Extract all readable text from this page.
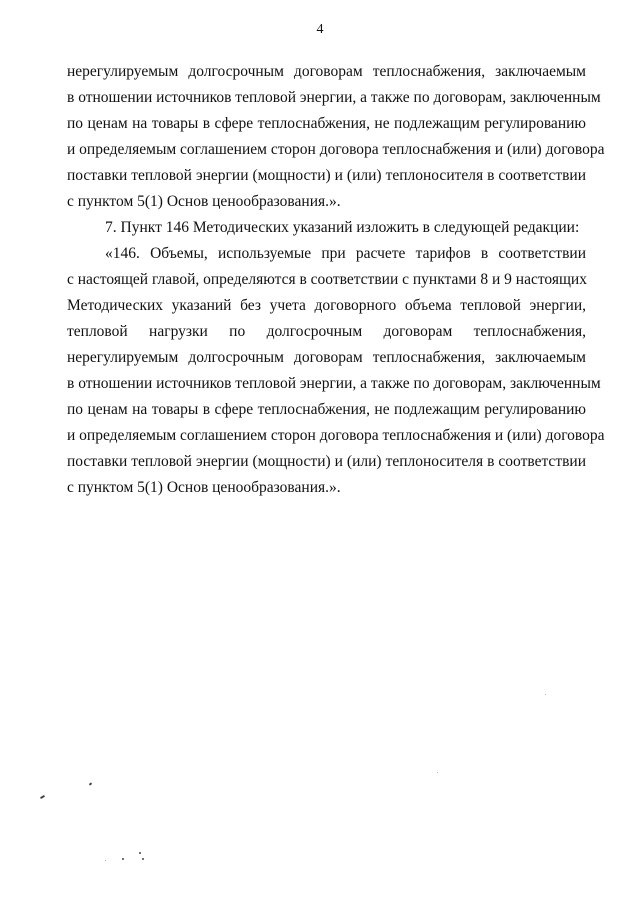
4
нерегулируемым долгосрочным договорам теплоснабжения, заключаемым
в отношении источников тепловой энергии, а также по договорам, заключенным
по ценам на товары в сфере теплоснабжения, не подлежащим регулированию
и определяемым соглашением сторон договора теплоснабжения и (или) договора
поставки тепловой энергии (мощности) и (или) теплоносителя в соответствии
с пунктом 5(1) Основ ценообразования.».
7. Пункт 146 Методических указаний изложить в следующей редакции:
«146. Объемы, используемые при расчете тарифов в соответствии
с настоящей главой, определяются в соответствии с пунктами 8 и 9 настоящих
Методических указаний без учета договорного объема тепловой энергии,
тепловой нагрузки по долгосрочным договорам теплоснабжения,
нерегулируемым долгосрочным договорам теплоснабжения, заключаемым
в отношении источников тепловой энергии, а также по договорам, заключенным
по ценам на товары в сфере теплоснабжения, не подлежащим регулированию
и определяемым соглашением сторон договора теплоснабжения и (или) договора
поставки тепловой энергии (мощности) и (или) теплоносителя в соответствии
с пунктом 5(1) Основ ценообразования.».
